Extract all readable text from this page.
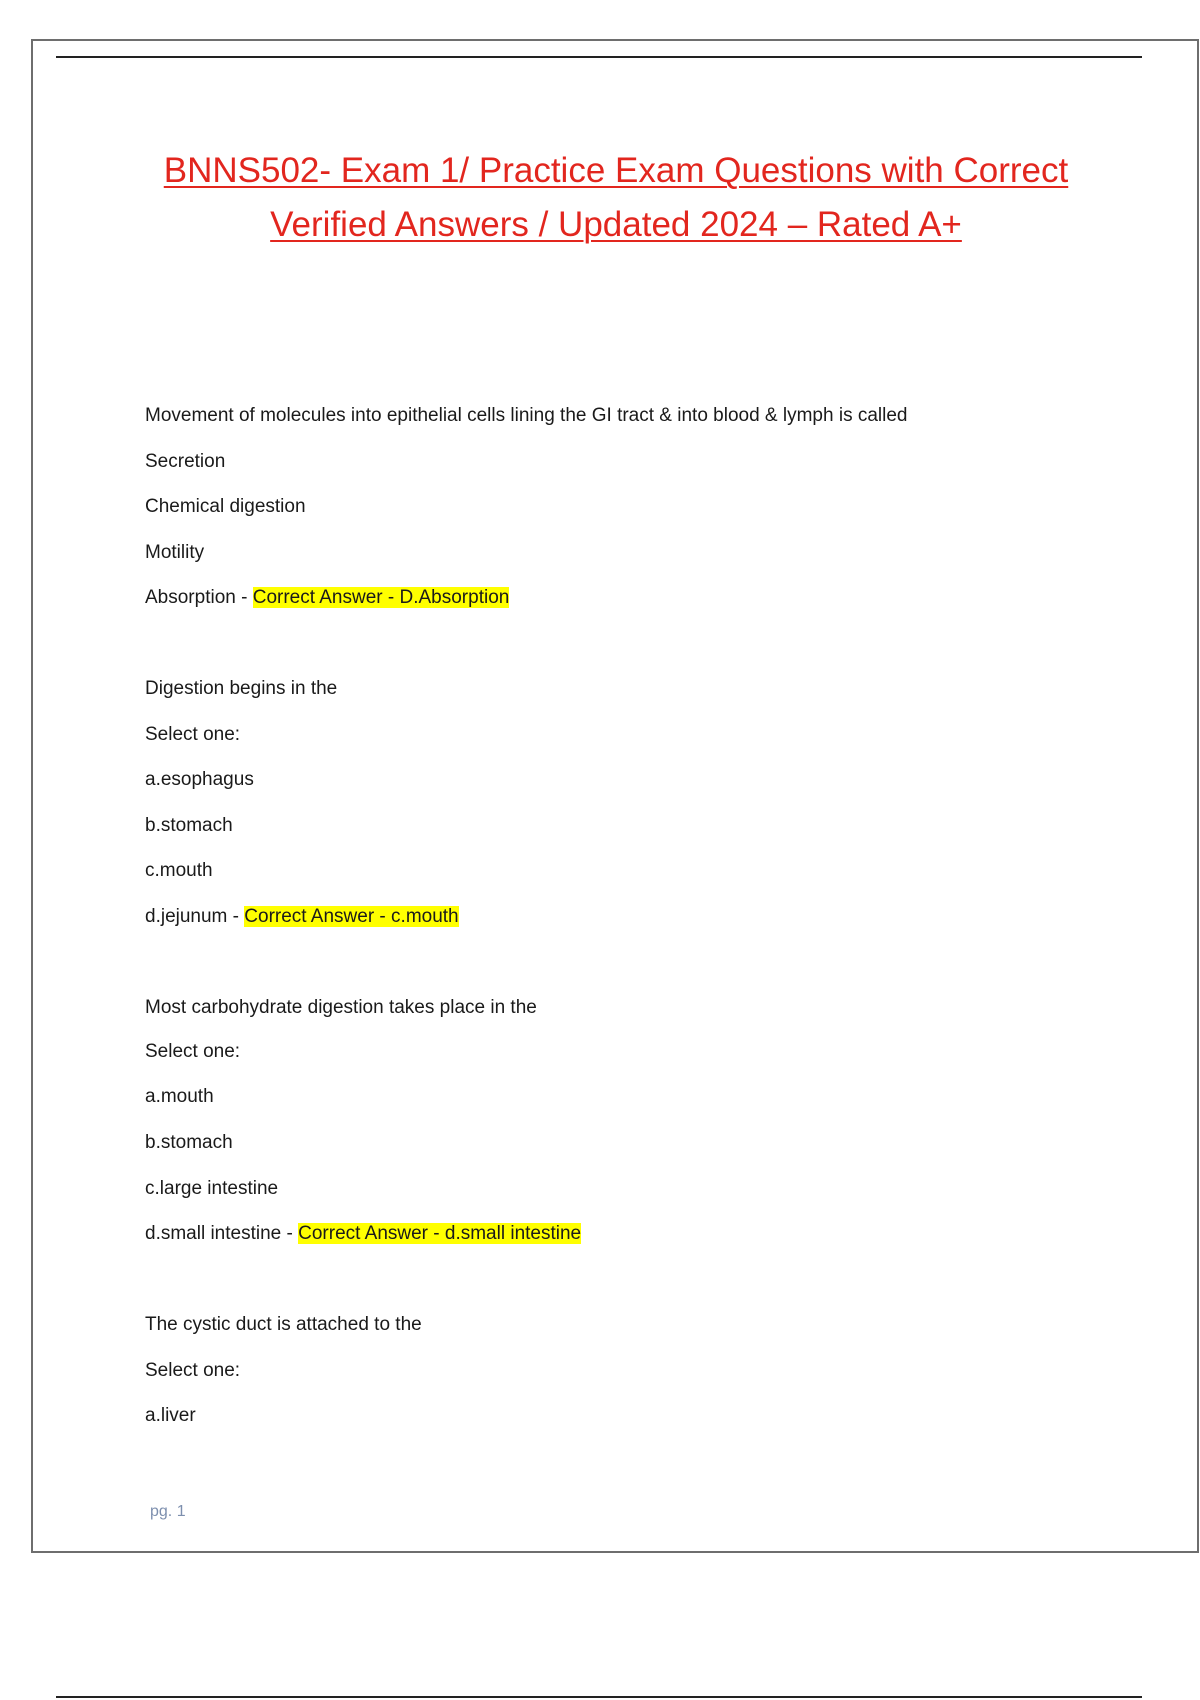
BNNS502- Exam 1/ Practice Exam Questions with Correct
Verified Answers / Updated 2024 – Rated A+
Movement of molecules into epithelial cells lining the GI tract & into blood & lymph is called
Secretion
Chemical digestion
Motility
Absorption - Correct Answer - D.Absorption
Digestion begins in the
Select one:
a.esophagus
b.stomach
c.mouth
d.jejunum - Correct Answer - c.mouth
Most carbohydrate digestion takes place in the
Select one:
a.mouth
b.stomach
c.large intestine
d.small intestine - Correct Answer - d.small intestine
The cystic duct is attached to the
Select one:
a.liver
pg. 1
